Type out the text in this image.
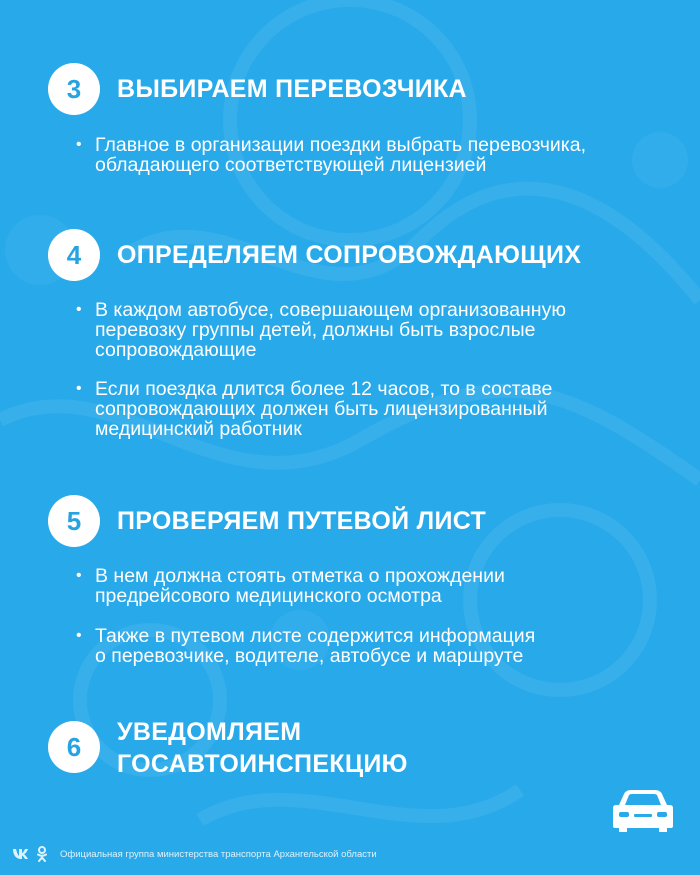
3	ВЫБИРАЕМ ПЕРЕВОЗЧИКА
• Главное в организации поездки выбрать перевозчика,
обладающего соответствующей лицензией
4	ОПРЕДЕЛЯЕМ СОПРОВОЖДАЮЩИХ
• В каждом автобусе, совершающем организованную
перевозку группы детей, должны быть взрослые
сопровождающие
• Если поездка длится более 12 часов, то в составе
сопровождающих должен быть лицензированный
медицинский работник
5	ПРОВЕРЯЕМ ПУТЕВОЙ ЛИСТ
• В нем должна стоять отметка о прохождении
предрейсового медицинского осмотра
• Также в путевом листе содержится информация
о перевозчике, водителе, автобусе и маршруте
6	УВЕДОМЛЯЕМ
ГОСАВТОИНСПЕКЦИЮ
Официальная группа министерства транспорта Архангельской области
